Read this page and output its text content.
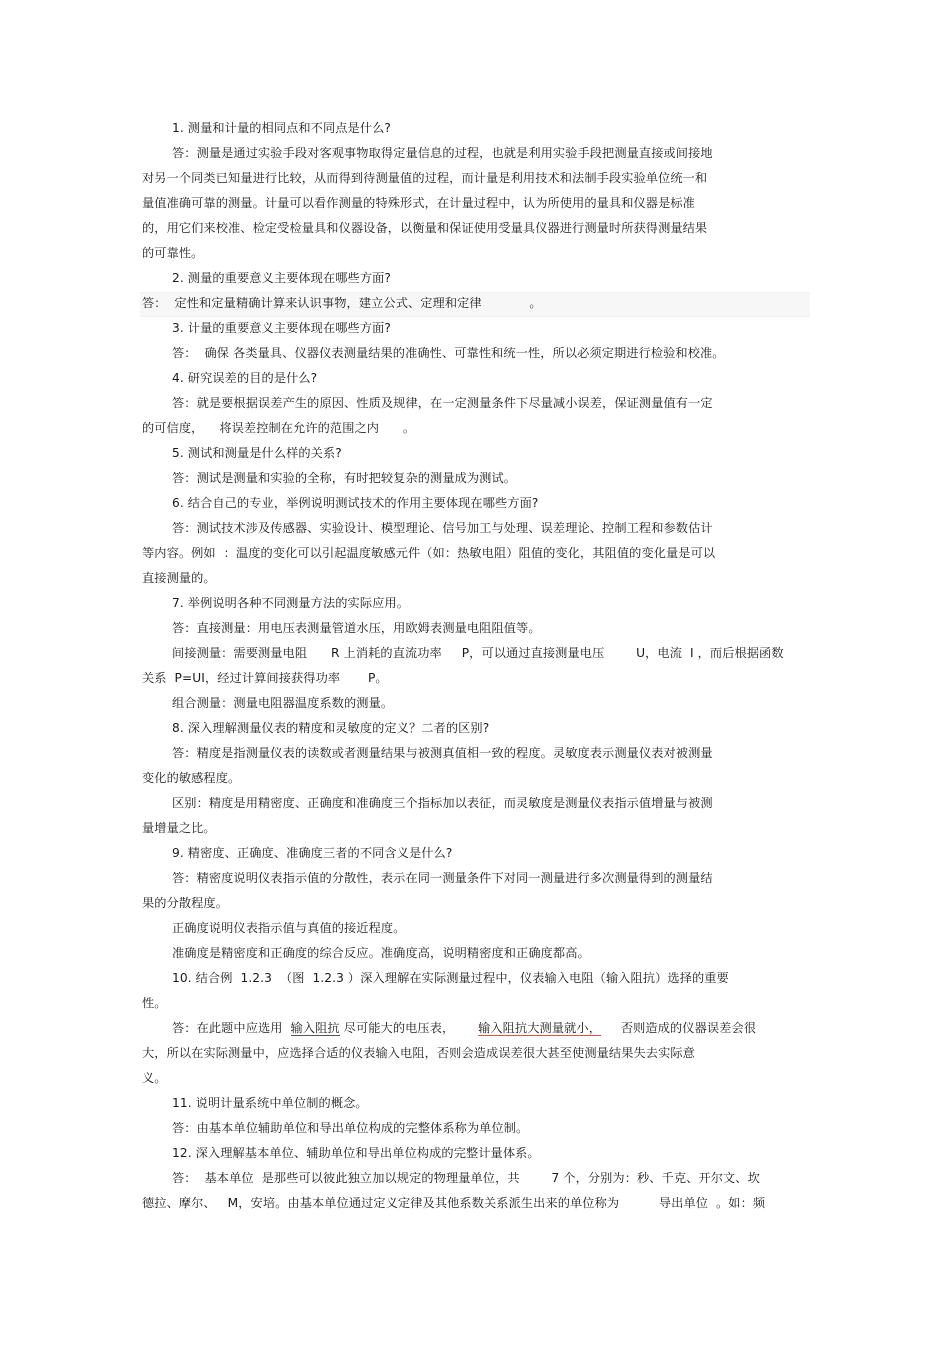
1. 测量和计量的相同点和不同点是什么?
答：测量是通过实验手段对客观事物取得定量信息的过程，也就是利用实验手段把测量直接或间接地
对另一个同类已知量进行比较，从而得到待测量值的过程，而计量是利用技术和法制手段实验单位统一和
量值准确可靠的测量。计量可以看作测量的特殊形式，在计量过程中，认为所使用的量具和仪器是标准
的，用它们来校准、检定受检量具和仪器设备，以衡量和保证使用受量具仪器进行测量时所获得测量结果
的可靠性。
2. 测量的重要意义主要体现在哪些方面?
答：  定性和定量精确计算来认识事物，建立公式、定理和定律            。
3. 计量的重要意义主要体现在哪些方面?
答：  确保 各类量具、仪器仪表测量结果的准确性、可靠性和统一性，所以必须定期进行检验和校准。
4. 研究误差的目的是什么?
答：就是要根据误差产生的原因、性质及规律，在一定测量条件下尽量减小误差，保证测量值有一定
的可信度，    将误差控制在允许的范围之内      。
5. 测试和测量是什么样的关系?
答：测试是测量和实验的全称，有时把较复杂的测量成为测试。
6. 结合自己的专业，举例说明测试技术的作用主要体现在哪些方面?
答：测试技术涉及传感器、实验设计、模型理论、信号加工与处理、误差理论、控制工程和参数估计
等内容。例如  ：温度的变化可以引起温度敏感元件（如：热敏电阻）阻值的变化，其阻值的变化量是可以
直接测量的。
7. 举例说明各种不同测量方法的实际应用。
答：直接测量：用电压表测量管道水压，用欧姆表测量电阻阻值等。
间接测量：需要测量电阻      R 上消耗的直流功率     P，可以通过直接测量电压        U，电流  I ，而后根据函数
关系  P=UI，经过计算间接获得功率       P。
组合测量：测量电阻器温度系数的测量。
8. 深入理解测量仪表的精度和灵敏度的定义？二者的区别?
答：精度是指测量仪表的读数或者测量结果与被测真值相一致的程度。灵敏度表示测量仪表对被测量
变化的敏感程度。
区别：精度是用精密度、正确度和准确度三个指标加以表征，而灵敏度是测量仪表指示值增量与被测
量增量之比。
9. 精密度、正确度、准确度三者的不同含义是什么?
答：精密度说明仪表指示值的分散性，表示在同一测量条件下对同一测量进行多次测量得到的测量结
果的分散程度。
正确度说明仪表指示值与真值的接近程度。
准确度是精密度和正确度的综合反应。准确度高，说明精密度和正确度都高。
10. 结合例  1.2.3  （图  1.2.3 ）深入理解在实际测量过程中，仪表输入电阻（输入阻抗）选择的重要
性。
答：在此题中应选用 输入阻抗 尽可能大的电压表，      输入阻抗大测量就小，     否则造成的仪器误差会很
大，所以在实际测量中，应选择合适的仪表输入电阻，否则会造成误差很大甚至使测量结果失去实际意
义。
11. 说明计量系统中单位制的概念。
答：由基本单位辅助单位和导出单位构成的完整体系称为单位制。
12. 深入理解基本单位、辅助单位和导出单位构成的完整计量体系。
答：  基本单位  是那些可以彼此独立加以规定的物理量单位，共        7 个，分别为：秒、千克、开尔文、坎
德拉、摩尔、   M，安培。由基本单位通过定义定律及其他系数关系派生出来的单位称为          导出单位  。如：频
